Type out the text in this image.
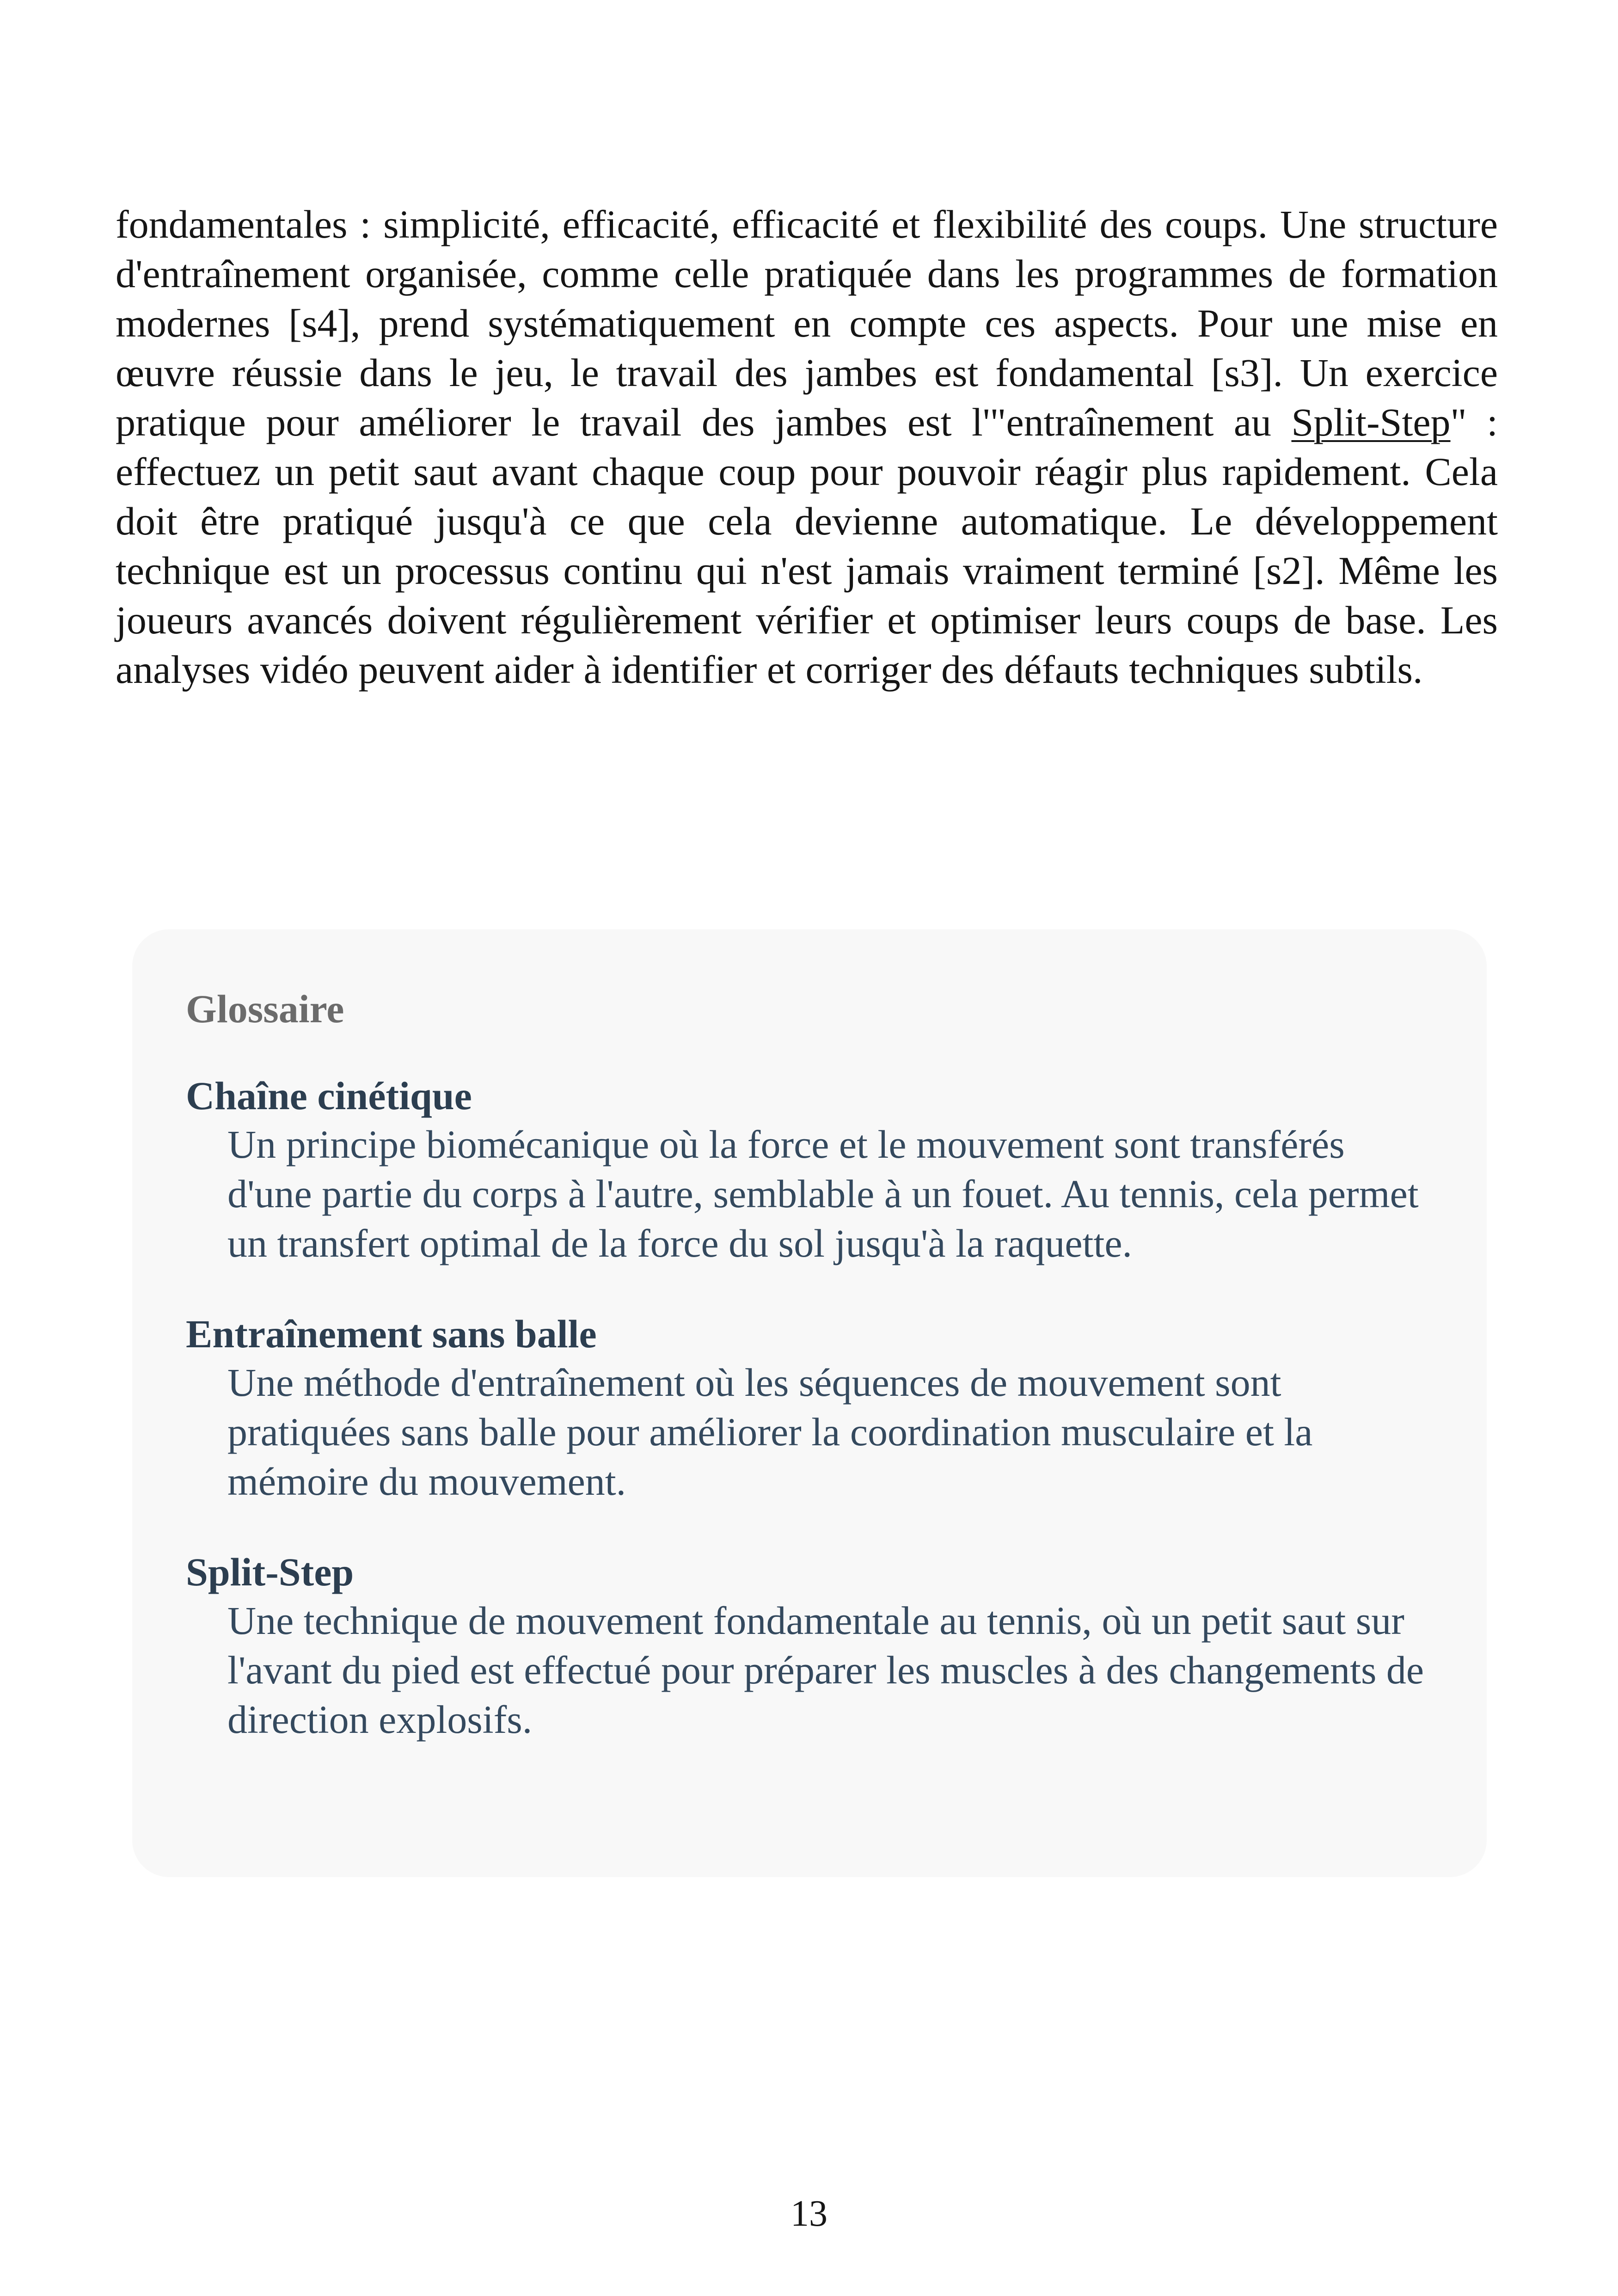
fondamentales : simplicité, efficacité, efficacité et flexibilité des coups. Une structure d'entraînement organisée, comme celle pratiquée dans les programmes de formation modernes [s4], prend systématiquement en compte ces aspects. Pour une mise en œuvre réussie dans le jeu, le travail des jambes est fondamental [s3]. Un exercice pratique pour améliorer le travail des jambes est l'"entraînement au Split-Step" : effectuez un petit saut avant chaque coup pour pouvoir réagir plus rapidement. Cela doit être pratiqué jusqu'à ce que cela devienne automatique. Le développement technique est un processus continu qui n'est jamais vraiment terminé [s2]. Même les joueurs avancés doivent régulièrement vérifier et optimiser leurs coups de base. Les analyses vidéo peuvent aider à identifier et corriger des défauts techniques subtils.

Glossaire

Chaîne cinétique

Un principe biomécanique où la force et le mouvement sont transférés d'une partie du corps à l'autre, semblable à un fouet. Au tennis, cela permet un transfert optimal de la force du sol jusqu'à la raquette.

Entraînement sans balle

Une méthode d'entraînement où les séquences de mouvement sont pratiquées sans balle pour améliorer la coordination musculaire et la mémoire du mouvement.

Split-Step

Une technique de mouvement fondamentale au tennis, où un petit saut sur l'avant du pied est effectué pour préparer les muscles à des changements de direction explosifs.

13
